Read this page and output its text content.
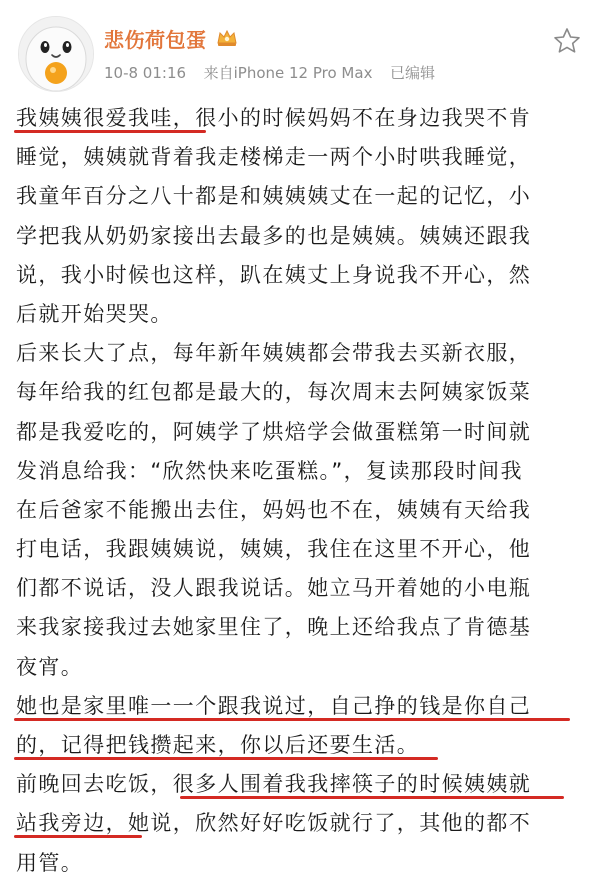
悲伤荷包蛋
10-8 01:16 来自iPhone 12 Pro Max 已编辑
我姨姨很爱我哇，很小的时候妈妈不在身边我哭不肯
睡觉，姨姨就背着我走楼梯走一两个小时哄我睡觉，
我童年百分之八十都是和姨姨姨丈在一起的记忆，小
学把我从奶奶家接出去最多的也是姨姨。姨姨还跟我
说，我小时候也这样，趴在姨丈上身说我不开心，然
后就开始哭哭。
后来长大了点，每年新年姨姨都会带我去买新衣服，
每年给我的红包都是最大的，每次周末去阿姨家饭菜
都是我爱吃的，阿姨学了烘焙学会做蛋糕第一时间就
发消息给我：“欣然快来吃蛋糕。”，复读那段时间我
在后爸家不能搬出去住，妈妈也不在，姨姨有天给我
打电话，我跟姨姨说，姨姨，我住在这里不开心，他
们都不说话，没人跟我说话。她立马开着她的小电瓶
来我家接我过去她家里住了，晚上还给我点了肯德基
夜宵。
她也是家里唯一一个跟我说过，自己挣的钱是你自己
的，记得把钱攒起来，你以后还要生活。
前晚回去吃饭，很多人围着我我摔筷子的时候姨姨就
站我旁边，她说，欣然好好吃饭就行了，其他的都不
用管。
